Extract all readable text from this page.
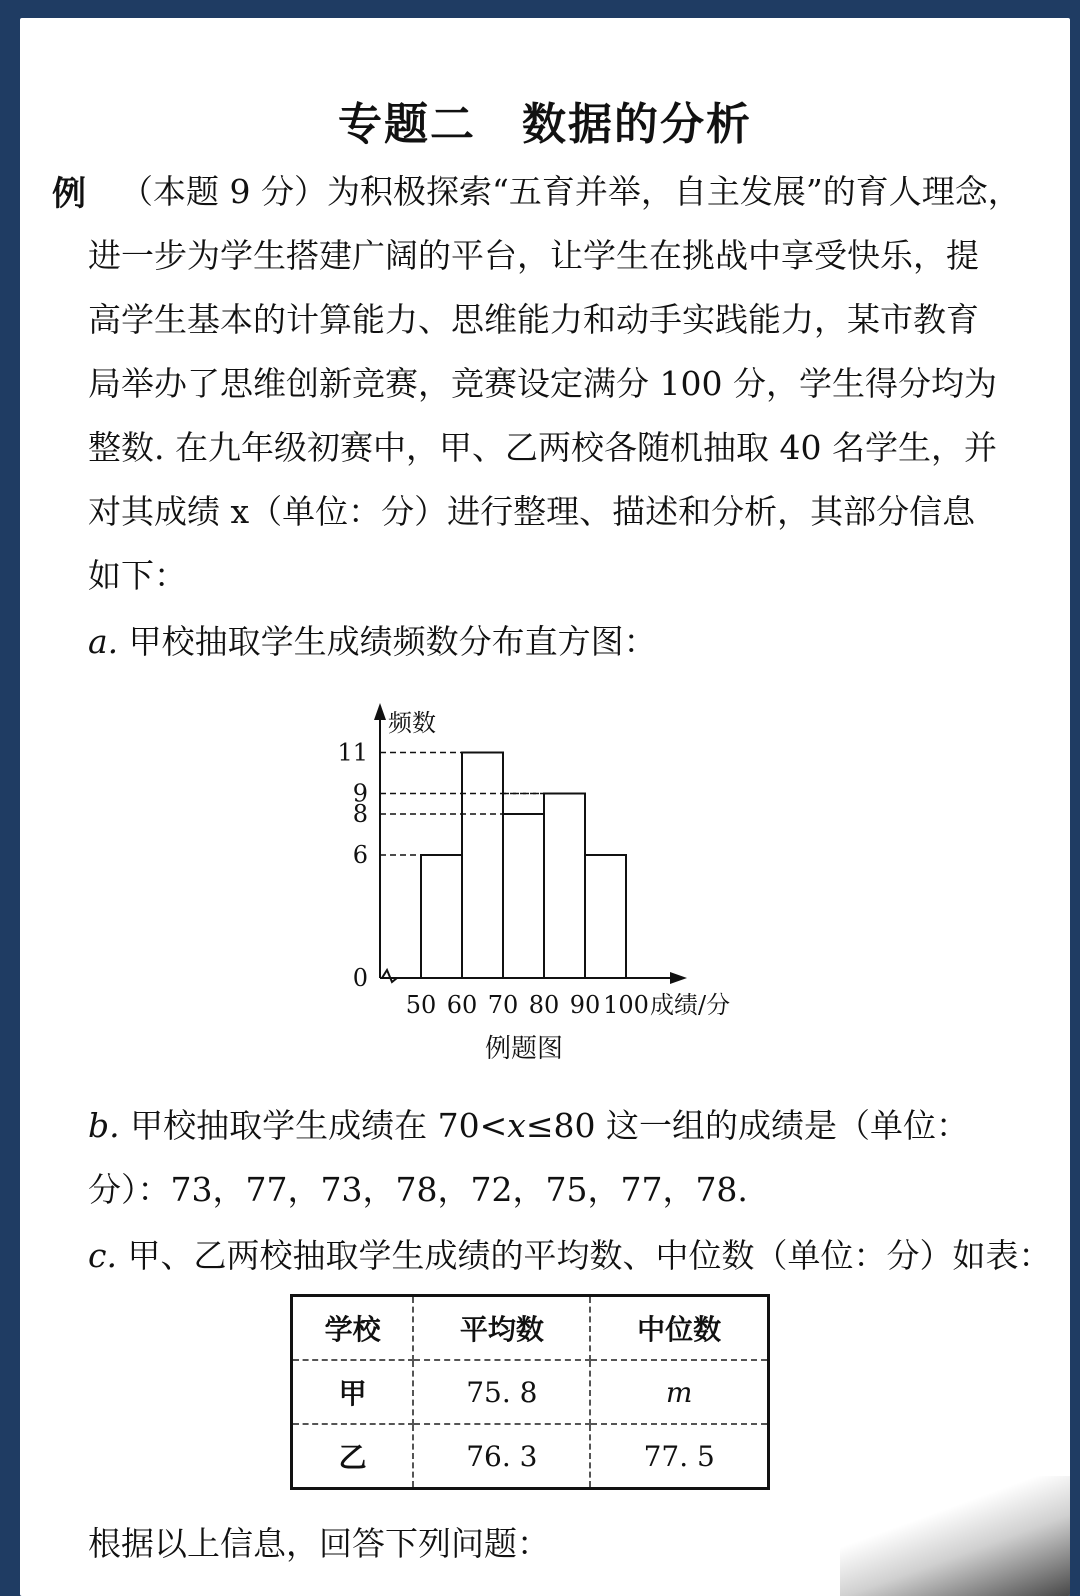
专题二　数据的分析
例 （本题 9 分）为积极探索“五育并举，自主发展”的育人理念，
进一步为学生搭建广阔的平台，让学生在挑战中享受快乐，提
高学生基本的计算能力、思维能力和动手实践能力，某市教育
局举办了思维创新竞赛，竞赛设定满分 100 分，学生得分均为
整数. 在九年级初赛中，甲、乙两校各随机抽取 40 名学生，并
对其成绩 x（单位：分）进行整理、描述和分析，其部分信息
如下：
a. 甲校抽取学生成绩频数分布直方图：
频数
0
6
8
9
11
50 60 70 80 90 100 成绩/分
例题图
b. 甲校抽取学生成绩在 70<x≤80 这一组的成绩是（单位：
分）：73，77，73，78，72，75，77，78.
c. 甲、乙两校抽取学生成绩的平均数、中位数（单位：分）如表：
学校	平均数	中位数
甲	75. 8	m
乙	76. 3	77. 5
根据以上信息，回答下列问题：
